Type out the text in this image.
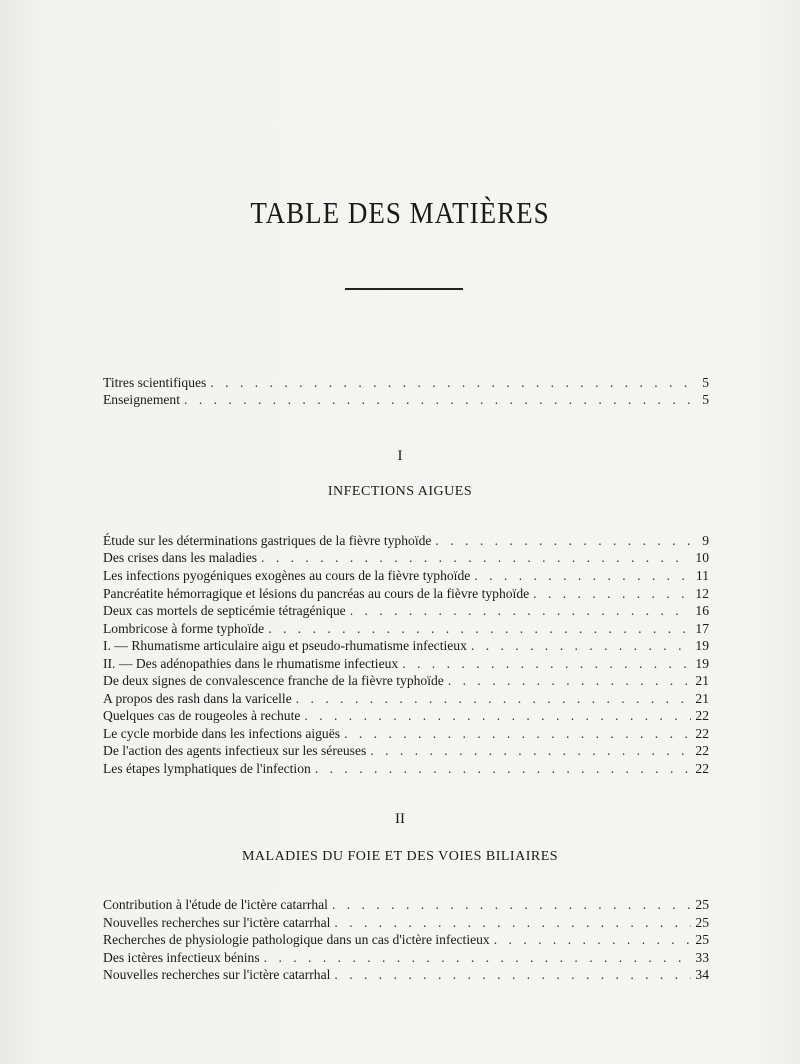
TABLE DES MATIÈRES
Titres scientifiques . . .	5
Enseignement . . .	5
I
INFECTIONS AIGUES
Étude sur les déterminations gastriques de la fièvre typhoïde . . .	9
Des crises dans les maladies . . .	10
Les infections pyogéniques exogènes au cours de la fièvre typhoïde . . .	11
Pancréatite hémorragique et lésions du pancréas au cours de la fièvre typhoïde . . .	12
Deux cas mortels de septicémie tétragénique . . .	16
Lombricose à forme typhoïde . . .	17
I. — Rhumatisme articulaire aigu et pseudo-rhumatisme infectieux . . .	19
II. — Des adénopathies dans le rhumatisme infectieux . . .	19
De deux signes de convalescence franche de la fièvre typhoïde . . .	21
A propos des rash dans la varicelle . . .	21
Quelques cas de rougeoles à rechute . . .	22
Le cycle morbide dans les infections aiguës . . .	22
De l'action des agents infectieux sur les séreuses . . .	22
Les étapes lymphatiques de l'infection . . .	22
II
MALADIES DU FOIE ET DES VOIES BILIAIRES
Contribution à l'étude de l'ictère catarrhal . . .	25
Nouvelles recherches sur l'ictère catarrhal . . .	25
Recherches de physiologie pathologique dans un cas d'ictère infectieux . . .	25
Des ictères infectieux bénins . . .	33
Nouvelles recherches sur l'ictère catarrhal . . .	34
